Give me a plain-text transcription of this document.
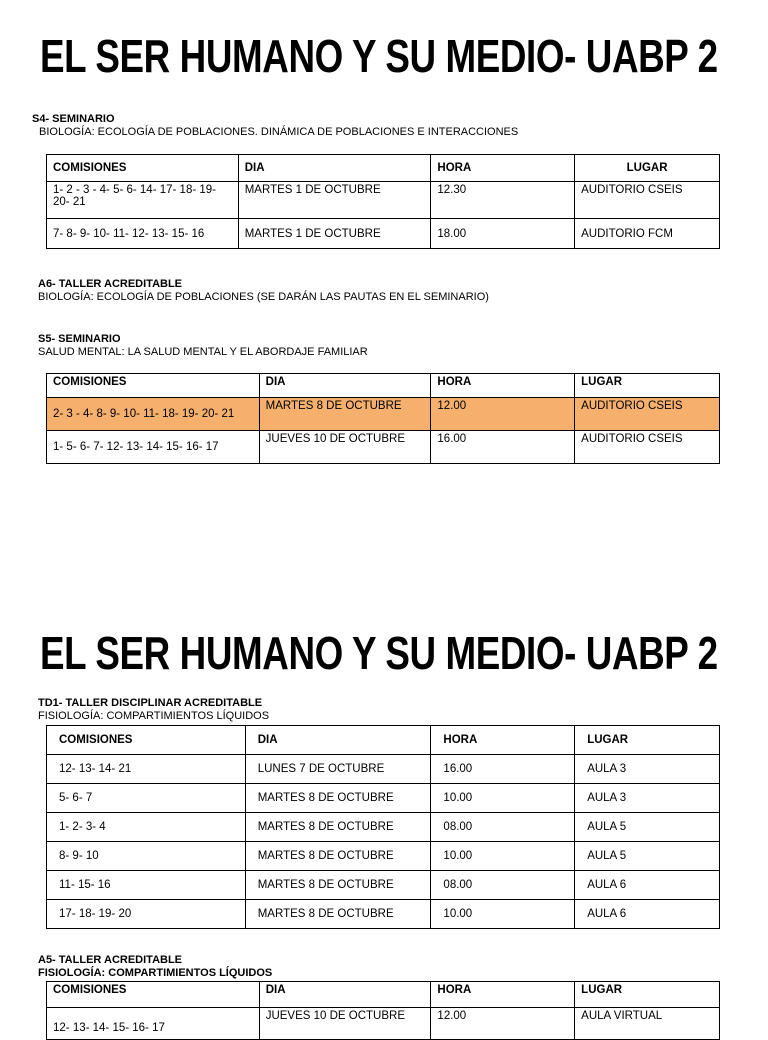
EL SER HUMANO Y SU MEDIO- UABP 2
S4- SEMINARIO
BIOLOGÍA: ECOLOGÍA DE POBLACIONES. DINÁMICA DE POBLACIONES E INTERACCIONES
COMISIONES	DIA	HORA	LUGAR
1- 2 - 3 - 4- 5- 6- 14- 17- 18- 19- 20- 21	MARTES 1 DE OCTUBRE	12.30	AUDITORIO CSEIS
7- 8- 9- 10- 11- 12- 13- 15- 16	MARTES 1 DE OCTUBRE	18.00	AUDITORIO FCM
A6- TALLER ACREDITABLE
BIOLOGÍA: ECOLOGÍA DE POBLACIONES (SE DARÁN LAS PAUTAS EN EL SEMINARIO)
S5- SEMINARIO
SALUD MENTAL: LA SALUD MENTAL Y EL ABORDAJE FAMILIAR
COMISIONES	DIA	HORA	LUGAR
2- 3 - 4- 8- 9- 10- 11- 18- 19- 20- 21	MARTES 8 DE OCTUBRE	12.00	AUDITORIO CSEIS
1- 5- 6- 7- 12- 13- 14- 15- 16- 17	JUEVES 10 DE OCTUBRE	16.00	AUDITORIO CSEIS
EL SER HUMANO Y SU MEDIO- UABP 2
TD1- TALLER DISCIPLINAR ACREDITABLE
FISIOLOGÍA: COMPARTIMIENTOS LÍQUIDOS
COMISIONES	DIA	HORA	LUGAR
12- 13- 14- 21	LUNES 7 DE OCTUBRE	16.00	AULA 3
5- 6- 7	MARTES 8 DE OCTUBRE	10.00	AULA 3
1- 2- 3- 4	MARTES 8 DE OCTUBRE	08.00	AULA 5
8- 9- 10	MARTES 8 DE OCTUBRE	10.00	AULA 5
11- 15- 16	MARTES 8 DE OCTUBRE	08.00	AULA 6
17- 18- 19- 20	MARTES 8 DE OCTUBRE	10.00	AULA 6
A5- TALLER ACREDITABLE
FISIOLOGÍA: COMPARTIMIENTOS LÍQUIDOS
COMISIONES	DIA	HORA	LUGAR
12- 13- 14- 15- 16- 17	JUEVES 10 DE OCTUBRE	12.00	AULA VIRTUAL
